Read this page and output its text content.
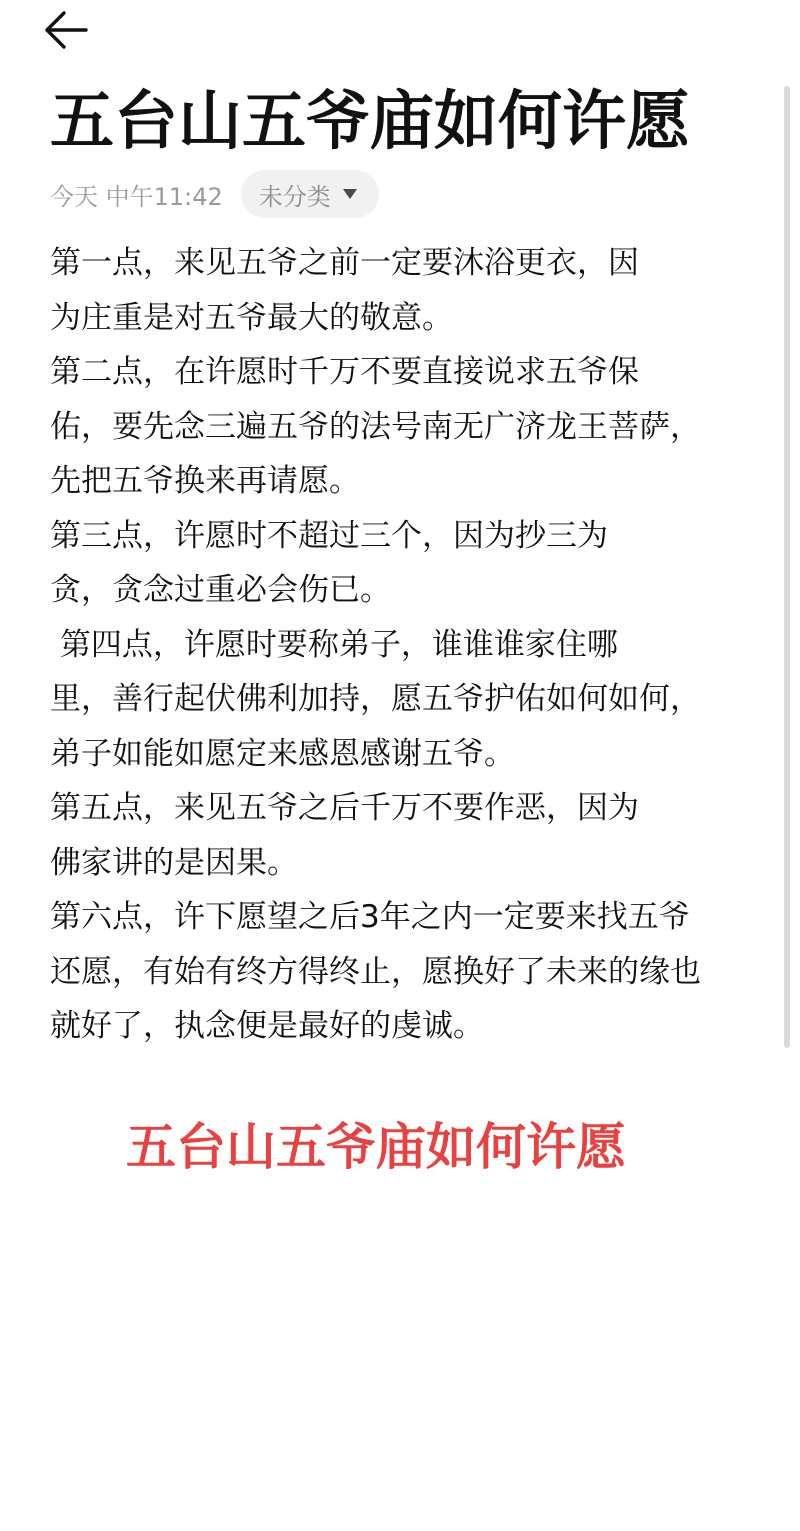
五台山五爷庙如何许愿
今天 中午11:42 未分类
第一点，来见五爷之前一定要沐浴更衣，因
为庄重是对五爷最大的敬意。
第二点，在许愿时千万不要直接说求五爷保
佑，要先念三遍五爷的法号南无广济龙王菩萨，
先把五爷换来再请愿。
第三点，许愿时不超过三个，因为抄三为
贪，贪念过重必会伤已。
第四点，许愿时要称弟子，谁谁谁家住哪
里，善行起伏佛利加持，愿五爷护佑如何如何，
弟子如能如愿定来感恩感谢五爷。
第五点，来见五爷之后千万不要作恶，因为
佛家讲的是因果。
第六点，许下愿望之后3年之内一定要来找五爷
还愿，有始有终方得终止，愿换好了未来的缘也
就好了，执念便是最好的虔诚。
五台山五爷庙如何许愿
